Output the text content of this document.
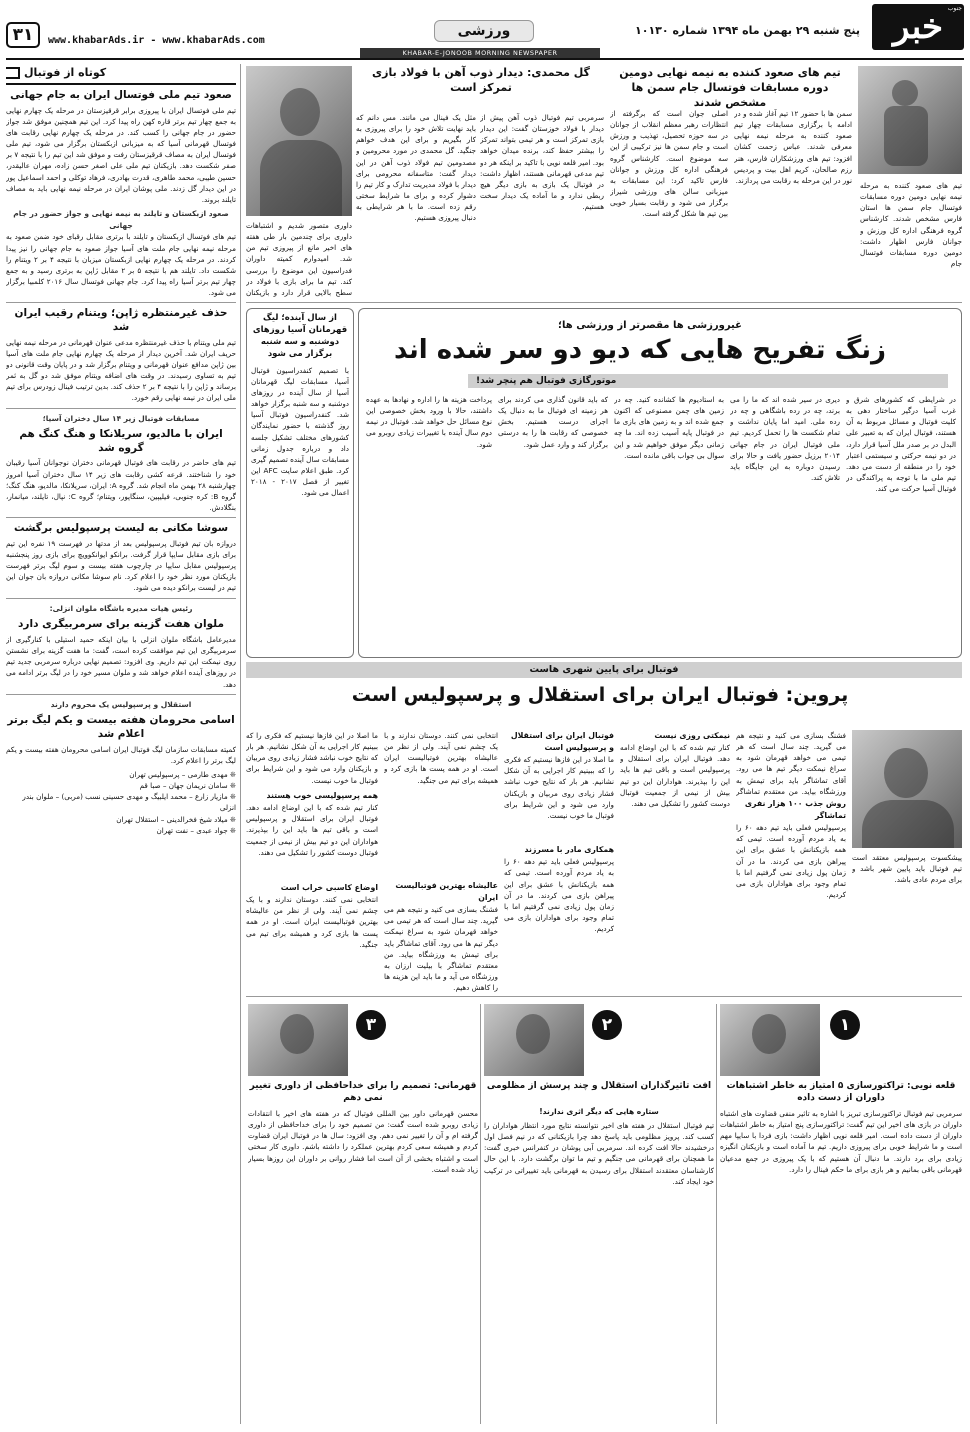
خبر جنوب
پنج شنبه ۲۹ بهمن ماه ۱۳۹۴ شماره ۱۰۱۳۰
ورزشی
www.khabarAds.ir - www.khabarAds.com
۳۱
KHABAR-E-JONOOB MORNING NEWSPAPER
کوتاه از فوتبال
صعود تیم ملی فوتسال ایران به جام جهانی
تیم ملی فوتسال ایران با پیروزی برابر قرقیزستان در مرحله یک چهارم نهایی به جمع چهار تیم برتر قاره کهن راه پیدا کرد. این تیم همچنین موفق شد جواز حضور در جام جهانی را کسب کند. در مرحله یک چهارم نهایی رقابت های فوتسال قهرمانی آسیا که به میزبانی ازبکستان برگزار می شود، تیم ملی فوتسال ایران به مصاف قرقیزستان رفت و موفق شد این تیم را با نتیجه ۷ بر صفر شکست دهد. بازیکنان تیم ملی علی اصغر حسن زاده، مهران عالیقدر، حسین طیبی، محمد طاهری، قدرت بهادری، فرهاد توکلی و احمد اسماعیل پور در این دیدار گل زدند. ملی پوشان ایران در مرحله نیمه نهایی باید به مصاف تایلند بروند.
صعود ازبکستان و تایلند به نیمه نهایی و جواز حضور در جام جهانی
تیم های فوتسال ازبکستان و تایلند با برتری مقابل رقبای خود ضمن صعود به مرحله نیمه نهایی جام ملت های آسیا جواز صعود به جام جهانی را نیز پیدا کردند. در مرحله یک چهارم نهایی ازبکستان میزبان با نتیجه ۴ بر ۲ ویتنام را شکست داد. تایلند هم با نتیجه ۵ بر ۲ مقابل ژاپن به برتری رسید و به جمع چهار تیم برتر آسیا راه پیدا کرد. جام جهانی فوتسال سال ۲۰۱۶ کلمبیا برگزار می شود.
حذف غیرمنتظره ژاپن؛ ویتنام رقیب ایران شد
تیم ملی ویتنام با حذف غیرمنتظره مدعی عنوان قهرمانی در مرحله نیمه نهایی حریف ایران شد. آخرین دیدار از مرحله یک چهارم نهایی جام ملت های آسیا بین ژاپن مدافع عنوان قهرمانی و ویتنام برگزار شد و در پایان وقت قانونی دو تیم به تساوی رسیدند. در وقت های اضافه ویتنام موفق شد دو گل به ثمر برساند و ژاپن را با نتیجه ۴ بر ۲ حذف کند. بدین ترتیب فینال زودرس برای تیم ملی ایران در نیمه نهایی رقم خورد.
مسابقات فوتبال زیر ۱۴ سال دختران آسیا؛
ایران با مالدیو، سریلانکا و هنگ کنگ هم گروه شد
تیم های حاضر در رقابت های فوتبال قهرمانی دختران نوجوانان آسیا رقیبان خود را شناختند. قرعه کشی رقابت های زیر ۱۴ سال دختران آسیا امروز چهارشنبه ۲۸ بهمن ماه انجام شد. گروه A: ایران، سریلانکا، مالدیو، هنگ کنگ؛ گروه B: کره جنوبی، فیلیپین، سنگاپور، ویتنام؛ گروه C: نپال، تایلند، میانمار، بنگلادش.
سوشا مکانی به لیست پرسپولیس برگشت
دروازه بان تیم فوتبال پرسپولیس بعد از مدتها در فهرست ۱۹ نفره این تیم برای بازی مقابل سایپا قرار گرفت. برانکو ایوانکوویچ برای بازی روز پنجشنبه پرسپولیس مقابل سایپا در چارچوب هفته بیست و سوم لیگ برتر فهرست بازیکنان مورد نظر خود را اعلام کرد. نام سوشا مکانی دروازه بان جوان این تیم در لیست برانکو دیده می شود.
رئیس هیات مدیره باشگاه ملوان انزلی:
ملوان هفت گزینه برای سرمربیگری دارد
مدیرعامل باشگاه ملوان انزلی با بیان اینکه حمید استیلی با کنارگیری از سرمربیگری این تیم موافقت کرده است، گفت: ما هفت گزینه برای نشستن روی نیمکت این تیم داریم. وی افزود: تصمیم نهایی درباره سرمربی جدید تیم در روزهای آینده اعلام خواهد شد و ملوان مسیر خود را در لیگ برتر ادامه می دهد.
استقلال و پرسپولیس یک محروم دارند
اسامی محرومان هفته بیست و یکم لیگ برتر اعلام شد
کمیته مسابقات سازمان لیگ فوتبال ایران اسامی محرومان هفته بیست و یکم لیگ برتر را اعلام کرد.
❊ مهدی طارمی – پرسپولیس تهران
❊ سامان نریمان جهان – صبا قم
❊ مازیار زارع – محمد ایلبیگ و مهدی حسینی نسب (مربی) – ملوان بندر انزلی
❊ میلاد شیخ فخرالدینی – استقلال تهران
❊ جواد عبدی – نفت تهران
تیم های صعود کننده به نیمه نهایی دومین دوره مسابقات فوتسال جام سمن ها مشخص شدند
تیم های صعود کننده به مرحله نیمه نهایی دومین دوره مسابقات فوتسال جام سمن ها استان فارس مشخص شدند. کارشناس گروه فرهنگی اداره کل ورزش و جوانان فارس اظهار داشت: دومین دوره مسابقات فوتسال جام
سمن ها با حضور ۱۲ تیم آغاز شده و در ادامه با برگزاری مسابقات چهار تیم صعود کننده به مرحله نیمه نهایی معرفی شدند. عباس زحمت کشان افزود: تیم های ورزشکاران فارس، هنر رزم صالحان، کریم اهل بیت و پردیس نور در این مرحله به رقابت می پردازند.
اصلی جوان است که برگرفته از انتظارات رهبر معظم انقلاب از جوانان در سه حوزه تحصیل، تهذیب و ورزش است و جام سمن ها نیز ترکیبی از این سه موضوع است. کارشناس گروه فرهنگی اداره کل ورزش و جوانان فارس تاکید کرد: این مسابقات به میزبانی سالن های ورزشی شیراز برگزار می شود و رقابت بسیار خوبی بین تیم ها شکل گرفته است.
گل محمدی: دیدار ذوب آهن با فولاد بازی تمرکز است
سرمربی تیم فوتبال ذوب آهن پیش از دیدار با فولاد خوزستان گفت: این دیدار بازی تمرکز است و هر تیمی بتواند تمرکز را بیشتر حفظ کند، برنده میدان خواهد بود. امیر قلعه نویی با تاکید بر اینکه هر دو تیم مدعی قهرمانی هستند، اظهار داشت: در فوتبال یک بازی به بازی دیگر هیچ ربطی ندارد و ما آماده یک دیدار سخت هستیم.
مثل یک فینال می مانند. مس دانم که باید نهایت تلاش خود را برای پیروزی به کار بگیریم و برای این هدف خواهم جنگید. گل محمدی در مورد محرومین و مصدومین تیم فولاد ذوب آهن در این دیدار گفت: متاسفانه محرومی برای دیدار با فولاد مدیریت تدارک و کار تیم را دشوار کرده و برای ما شرایط سختی رقم زده است. ما با هر شرایطی به دنبال پیروزی هستیم.
داوری متصور شدیم و اشتباهات داوری برای چندمین بار طی هفته های اخیر مانع از پیروزی تیم من شد. امیدوارم کمیته داوران فدراسیون این موضوع را بررسی کند. تیم ما برای بازی با فولاد در سطح بالایی قرار دارد و بازیکنان
از سال آینده؛ لیگ قهرمانان آسیا روزهای دوشنبه و سه شنبه برگزار می شود
با تصمیم کنفدراسیون فوتبال آسیا، مسابقات لیگ قهرمانان آسیا از سال آینده در روزهای دوشنبه و سه شنبه برگزار خواهد شد. کنفدراسیون فوتبال آسیا روز گذشته با حضور نمایندگان کشورهای مختلف تشکیل جلسه داد و درباره جدول زمانی مسابقات سال آینده تصمیم گیری کرد. طبق اعلام سایت AFC این تغییر از فصل ۲۰۱۷ - ۲۰۱۸ اعمال می شود.
غیرورزشی ها مقصرتر از ورزشی ها؛
زنگ تفریح هایی که دیو دو سر شده اند
موتورگازی فوتبال هم پنچر شد!
در شرایطی که کشورهای شرق و غرب آسیا درگیر ساختار دهی به کلیت فوتبال و مسائل مربوط به آن هستند، فوتبال ایران که به تعبیر علی البدل در بر صدر ملل آسیا قرار دارد، در دو نیمه حرکتی و سیستمی اعتبار خود را در منطقه از دست می دهد. تیم ملی ما با توجه به پراکندگی در فوتبال آسیا حرکت می کند.
دیری در سیر شده اند که ما را می برند، چه در رده باشگاهی و چه در رده ملی. امید اما پایان نداشت و تمام شکست ها را تحمل کردیم. تیم ملی فوتبال ایران در جام جهانی ۲۰۱۴ برزیل حضور یافت و حالا برای رسیدن دوباره به این جایگاه باید تلاش کند.
به استادیوم ها کشانده کنید. چه در زمین های چمن مصنوعی که اکنون جمع شده اند و به زمین های بازی ما در فوتبال پایه آسیب زده اند. ما چه زمانی دیگر موفق خواهیم شد و این سوال بی جواب باقی مانده است.
که باید قانون گذاری می کردند برای هر زمینه ای فوتبال ما به دنبال یک اجرای درست هستیم. بخش خصوصی که رقابت ها را به درستی برگزار کند و وارد عمل شود.
پرداخت هزینه ها را اداره و نهادها به عهده داشتند، حالا با ورود بخش خصوصی این نوع مسائل حل خواهد شد. فوتبال در نیمه دوم سال آینده با تغییرات زیادی روبرو می شود.
فوتبال برای پایین شهری هاست
پروین: فوتبال ایران برای استقلال و پرسپولیس است
پیشکسوت پرسپولیس معتقد است تیم فوتبال باید پایین شهر باشد و برای مردم عادی باشد.
فشنگ بسازی می کنید و نتیجه هم می گیرید. چند سال است که هر تیمی می خواهد قهرمان شود به سراغ نیمکت دیگر تیم ها می رود. آقای تماشاگر باید برای تیمش به ورزشگاه بیاید. من معتقدم تماشاگر
روش جذب ۱۰۰ هزار نفری تماشاگر
پرسپولیس فعلی باید تیم دهه ۶۰ را به یاد مردم آورده است. تیمی که همه بازیکنانش با عشق برای این پیراهن بازی می کردند. ما در آن زمان پول زیادی نمی گرفتیم اما با تمام وجود برای هواداران بازی می کردیم.
نیمکتی روزی نیست
کنار تیم شده که با این اوضاع ادامه دهد. فوتبال ایران برای استقلال و پرسپولیس است و باقی تیم ها باید این را بپذیرند. هواداران این دو تیم بیش از نیمی از جمعیت فوتبال دوست کشور را تشکیل می دهند.
فوتبال ایران برای استقلال و پرسپولیس است
ما اصلا در این فازها نیستیم که فکری را که ببینیم کار اجرایی به آن شکل نشانیم. هر بار که نتایج خوب نباشد فشار زیادی روی مربیان و بازیکنان وارد می شود و این شرایط برای فوتبال ما خوب نیست.
همکاری مادر با مسرزند
پرسپولیس فعلی باید تیم دهه ۶۰ را به یاد مردم آورده است. تیمی که همه بازیکنانش با عشق برای این پیراهن بازی می کردند. ما در آن زمان پول زیادی نمی گرفتیم اما با تمام وجود برای هواداران بازی می کردیم.
انتخابی نمی کنند. دوستان ندارند و با یک چشم نمی آیند. ولی از نظر من عالیشاه بهترین فوتبالیست ایران است. او در همه پست ها بازی کرد و همیشه برای تیم می جنگید.
عالیشاه بهترین فوتبالیست ایران
فشنگ بسازی می کنید و نتیجه هم می گیرید. چند سال است که هر تیمی می خواهد قهرمان شود به سراغ نیمکت دیگر تیم ها می رود. آقای تماشاگر باید برای تیمش به ورزشگاه بیاید. من معتقدم تماشاگر با بیلیت ارزان به ورزشگاه می آید و ما باید این هزینه ها را کاهش دهیم.
ما اصلا در این فازها نیستیم که فکری را که ببینیم کار اجرایی به آن شکل نشانیم. هر بار که نتایج خوب نباشد فشار زیادی روی مربیان و بازیکنان وارد می شود و این شرایط برای فوتبال ما خوب نیست.
همه پرسپولیسی خوب هستند
کنار تیم شده که با این اوضاع ادامه دهد. فوتبال ایران برای استقلال و پرسپولیس است و باقی تیم ها باید این را بپذیرند. هواداران این دو تیم بیش از نیمی از جمعیت فوتبال دوست کشور را تشکیل می دهند.
اوضاع کاسبی خراب است
انتخابی نمی کنند. دوستان ندارند و با یک چشم نمی آیند. ولی از نظر من عالیشاه بهترین فوتبالیست ایران است. او در همه پست ها بازی کرد و همیشه برای تیم می جنگید.
۱
قلعه نویی: تراکتورسازی ۵ امتیاز به خاطر اشتباهات داوران از دست داده
سرمربی تیم فوتبال تراکتورسازی تبریز با اشاره به تاثیر منفی قضاوت های اشتباه داوران در بازی های اخیر این تیم گفت: تراکتورسازی پنج امتیاز به خاطر اشتباهات داوران از دست داده است. امیر قلعه نویی اظهار داشت: بازی فردا با سایپا مهم است و ما شرایط خوبی برای پیروزی داریم. تیم ما آماده است و بازیکنان انگیزه زیادی برای برد دارند. ما دنبال آن هستیم که با یک پیروزی در جمع مدعیان قهرمانی باقی بمانیم و هر بازی برای ما حکم فینال را دارد.
۲
افت تاثیرگذاران استقلال و چند پرسش از مظلومی
ستاره هایی که دیگر اثری ندارند!
تیم فوتبال استقلال در هفته های اخیر نتوانسته نتایج مورد انتظار هواداران را کسب کند. پرویز مظلومی باید پاسخ دهد چرا بازیکنانی که در نیم فصل اول درخشیدند حالا افت کرده اند. سرمربی آبی پوشان در کنفرانس خبری گفت: ما همچنان برای قهرمانی می جنگیم و تیم ما توان برگشت دارد. با این حال کارشناسان معتقدند استقلال برای رسیدن به قهرمانی باید تغییراتی در ترکیب خود ایجاد کند.
۳
قهرمانی: تصمیم را برای خداحافظی از داوری تغییر نمی دهم
محسن قهرمانی داور بین المللی فوتبال که در هفته های اخیر با انتقادات زیادی روبرو شده است گفت: من تصمیم خود را برای خداحافظی از داوری گرفته ام و آن را تغییر نمی دهم. وی افزود: سال ها در فوتبال ایران قضاوت کردم و همیشه سعی کردم بهترین عملکرد را داشته باشم. داوری کار سختی است و اشتباه بخشی از آن است اما فشار روانی بر داوران این روزها بسیار زیاد شده است.
